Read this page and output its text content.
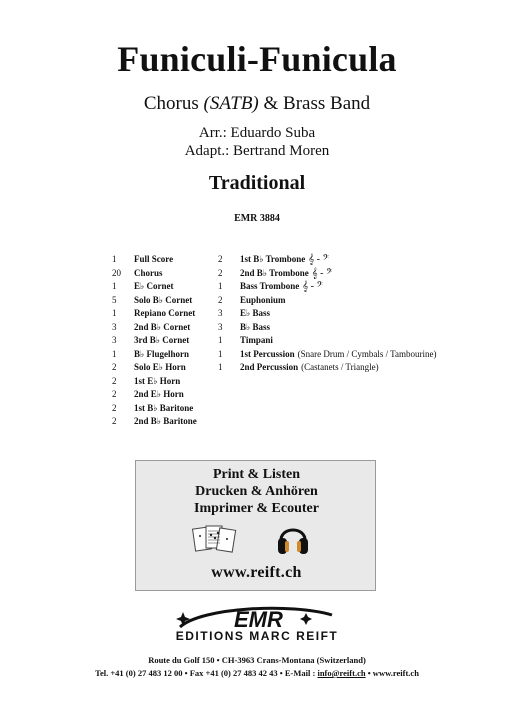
Funiculi-Funicula
Chorus (SATB) & Brass Band
Arr.: Eduardo Suba
Adapt.: Bertrand Moren
Traditional
EMR 3884
1	Full Score
20	Chorus
1	E♭ Cornet
5	Solo B♭ Cornet
1	Repiano Cornet
3	2nd B♭ Cornet
3	3rd B♭ Cornet
1	B♭ Flugelhorn
2	Solo E♭ Horn
2	1st E♭ Horn
2	2nd E♭ Horn
2	1st B♭ Baritone
2	2nd B♭ Baritone
2	1st B♭ Trombone 𝄞 - 𝄢
2	2nd B♭ Trombone 𝄞 - 𝄢
1	Bass Trombone 𝄞 - 𝄢
2	Euphonium
3	E♭ Bass
3	B♭ Bass
1	Timpani
1	1st Percussion (Snare Drum / Cymbals / Tambourine)
1	2nd Percussion (Castanets / Triangle)
Print & Listen
Drucken & Anhören
Imprimer & Ecouter
www.reift.ch
EMR
EDITIONS MARC REIFT
Route du Golf 150 • CH-3963 Crans-Montana (Switzerland)
Tel. +41 (0) 27 483 12 00 • Fax +41 (0) 27 483 42 43 • E-Mail : info@reift.ch • www.reift.ch
